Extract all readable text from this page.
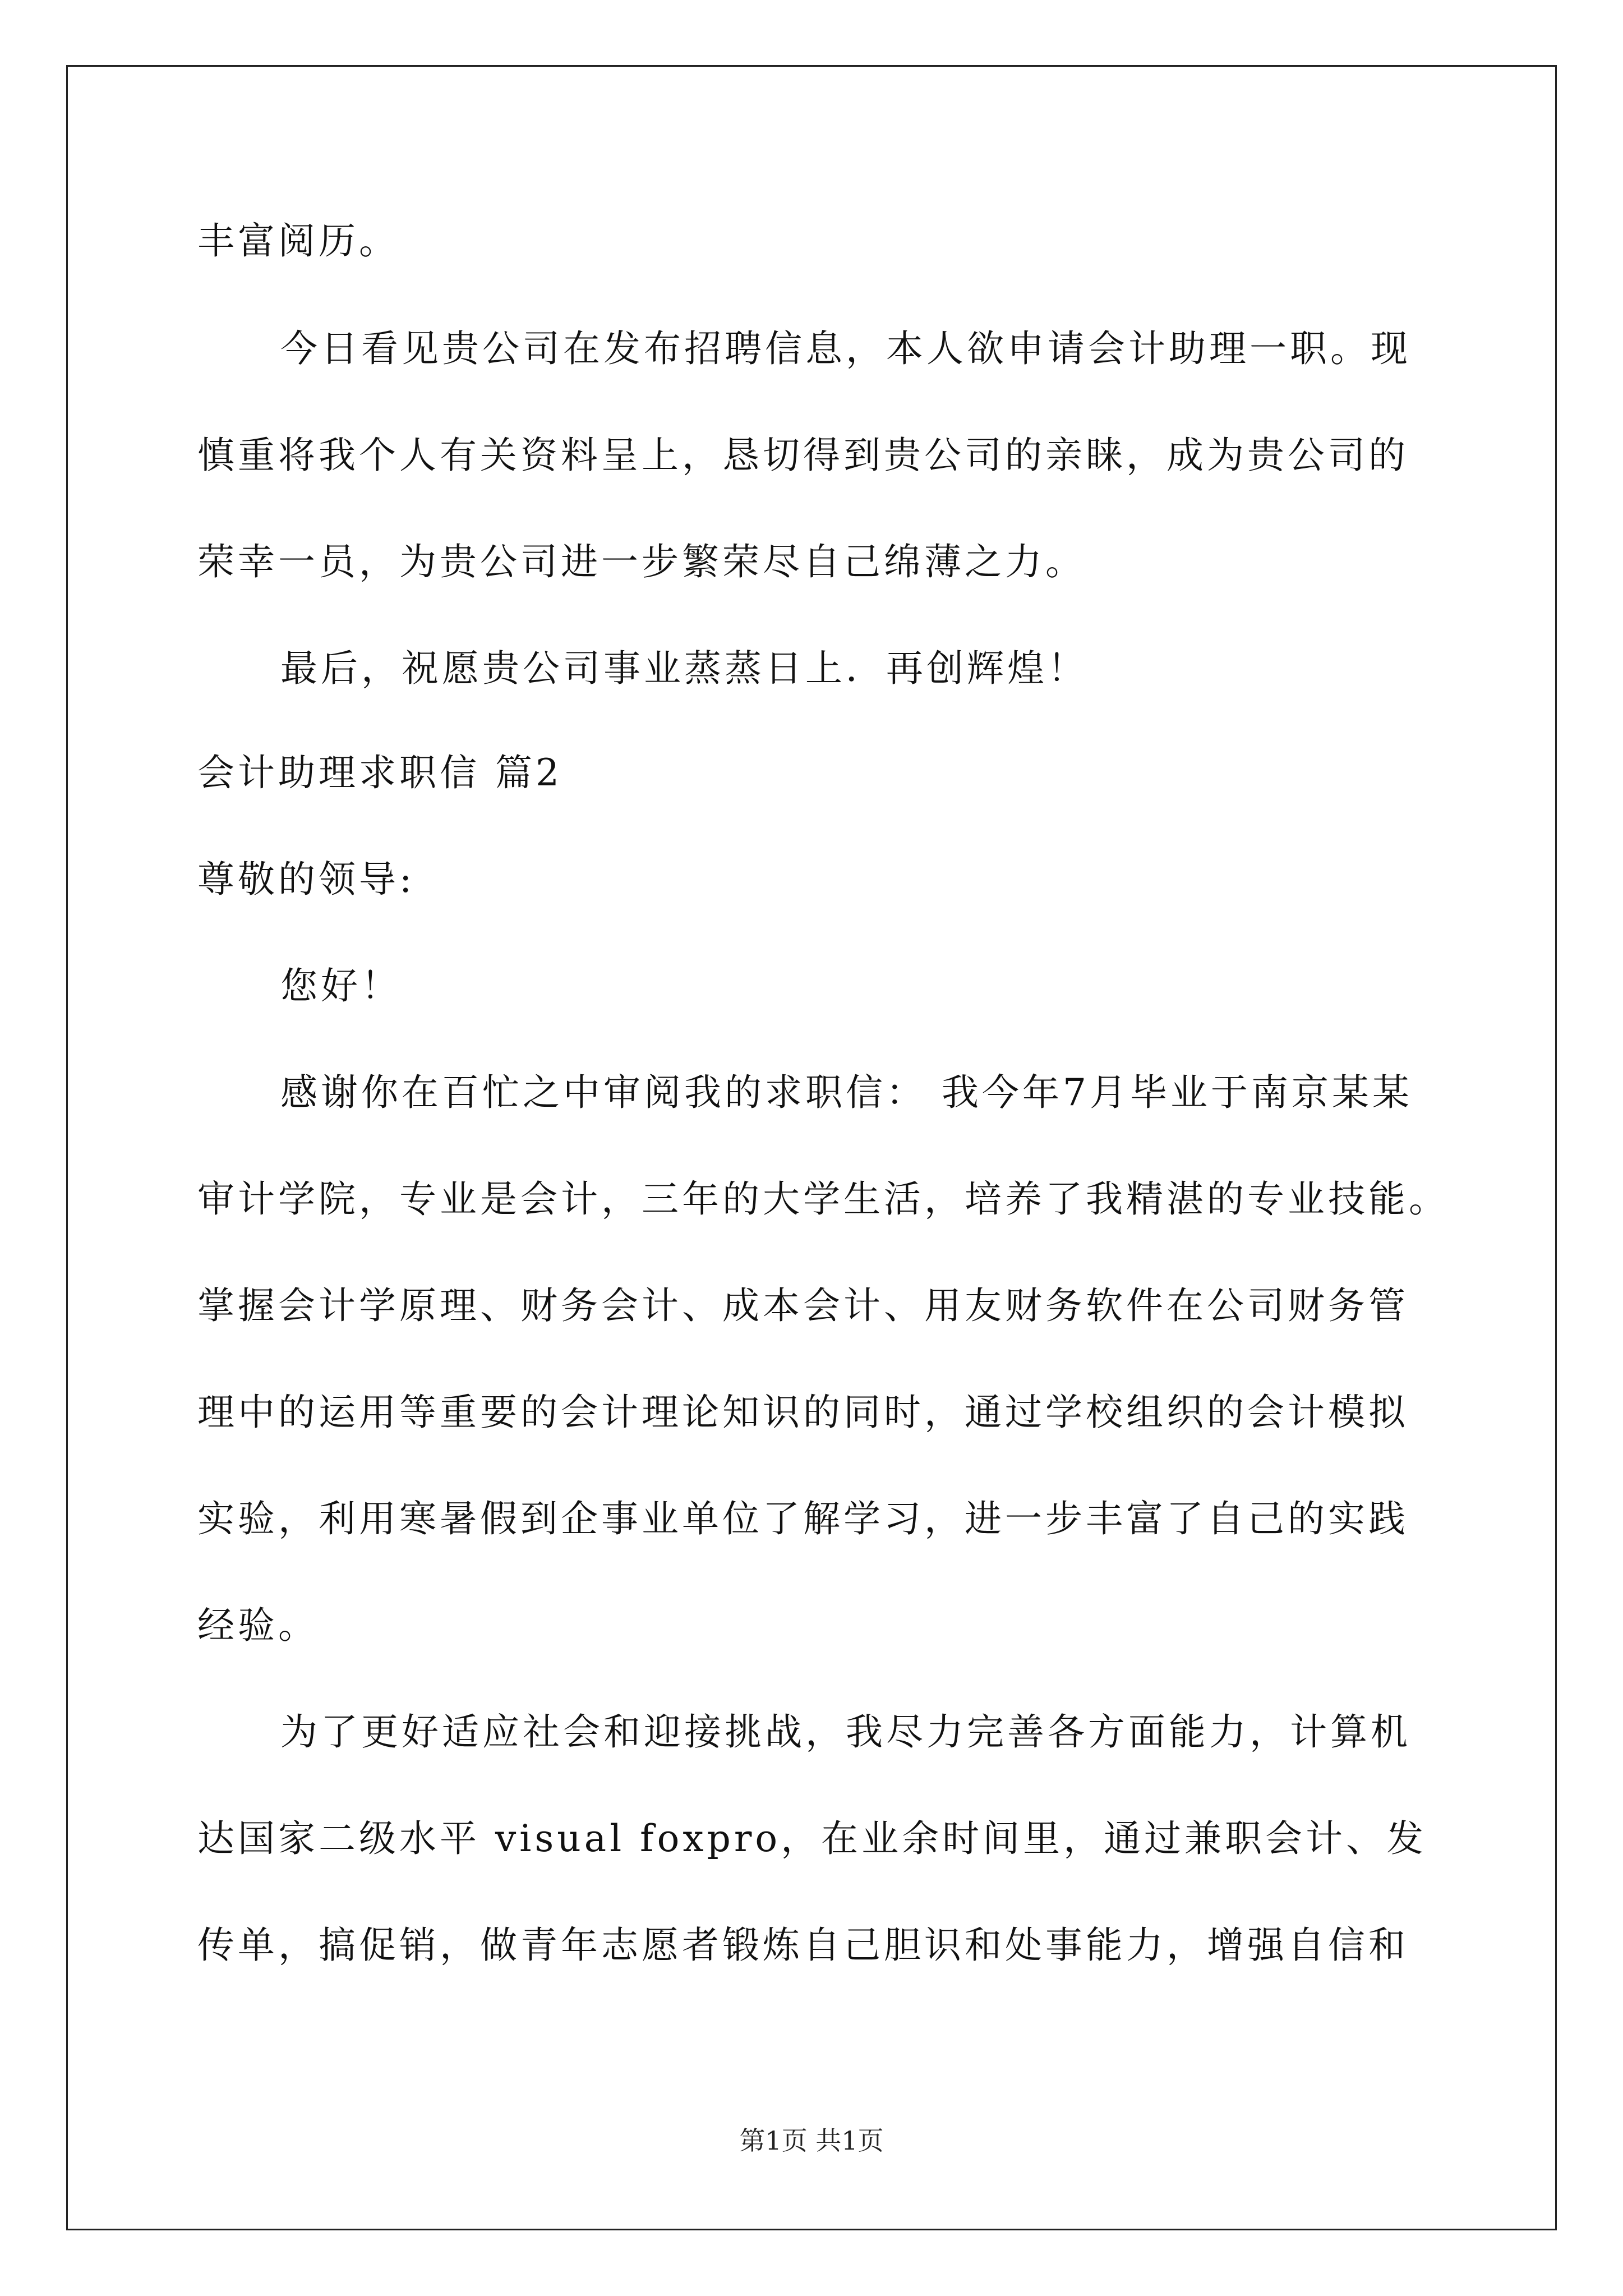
丰富阅历。
今日看见贵公司在发布招聘信息，本人欲申请会计助理一职。现
慎重将我个人有关资料呈上，恳切得到贵公司的亲睐，成为贵公司的
荣幸一员，为贵公司进一步繁荣尽自己绵薄之力。
最后，祝愿贵公司事业蒸蒸日上．再创辉煌！
会计助理求职信 篇2
尊敬的领导:
您好！
感谢你在百忙之中审阅我的求职信： 我今年7月毕业于南京某某
审计学院，专业是会计，三年的大学生活，培养了我精湛的专业技能。
掌握会计学原理、财务会计、成本会计、用友财务软件在公司财务管
理中的运用等重要的会计理论知识的同时，通过学校组织的会计模拟
实验，利用寒暑假到企事业单位了解学习，进一步丰富了自己的实践
经验。
为了更好适应社会和迎接挑战，我尽力完善各方面能力，计算机
达国家二级水平 visual foxpro，在业余时间里，通过兼职会计、发
传单，搞促销，做青年志愿者锻炼自己胆识和处事能力，增强自信和
第1页 共1页
